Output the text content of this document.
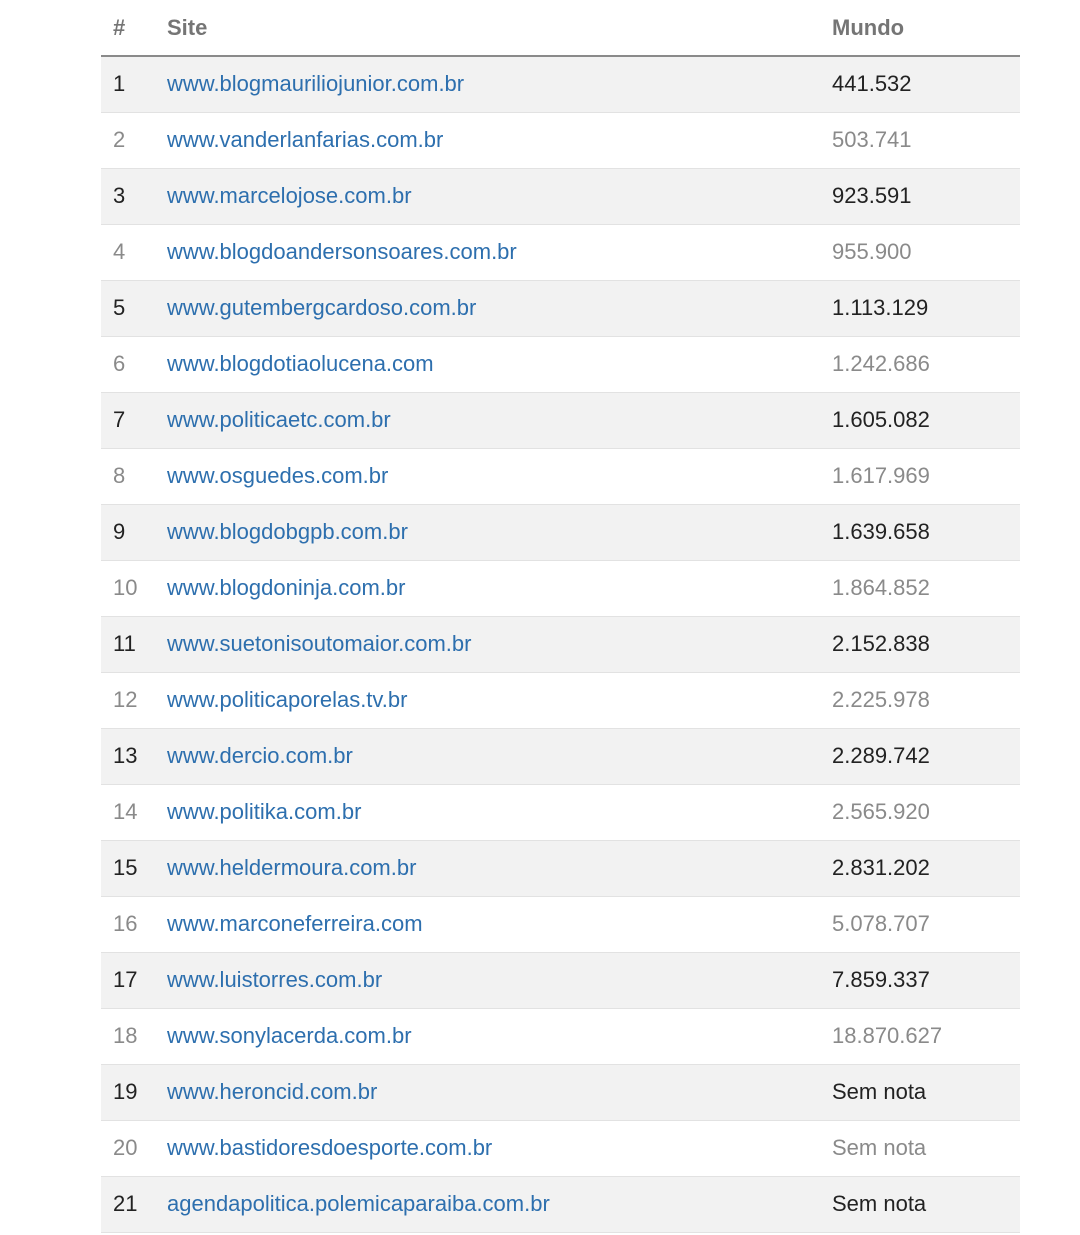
#	Site	Mundo
1	www.blogmauriliojunior.com.br	441.532
2	www.vanderlanfarias.com.br	503.741
3	www.marcelojose.com.br	923.591
4	www.blogdoandersonsoares.com.br	955.900
5	www.gutembergcardoso.com.br	1.113.129
6	www.blogdotiaolucena.com	1.242.686
7	www.politicaetc.com.br	1.605.082
8	www.osguedes.com.br	1.617.969
9	www.blogdobgpb.com.br	1.639.658
10	www.blogdoninja.com.br	1.864.852
11	www.suetonisoutomaior.com.br	2.152.838
12	www.politicaporelas.tv.br	2.225.978
13	www.dercio.com.br	2.289.742
14	www.politika.com.br	2.565.920
15	www.heldermoura.com.br	2.831.202
16	www.marconeferreira.com	5.078.707
17	www.luistorres.com.br	7.859.337
18	www.sonylacerda.com.br	18.870.627
19	www.heroncid.com.br	Sem nota
20	www.bastidoresdoesporte.com.br	Sem nota
21	agendapolitica.polemicaparaiba.com.br	Sem nota
